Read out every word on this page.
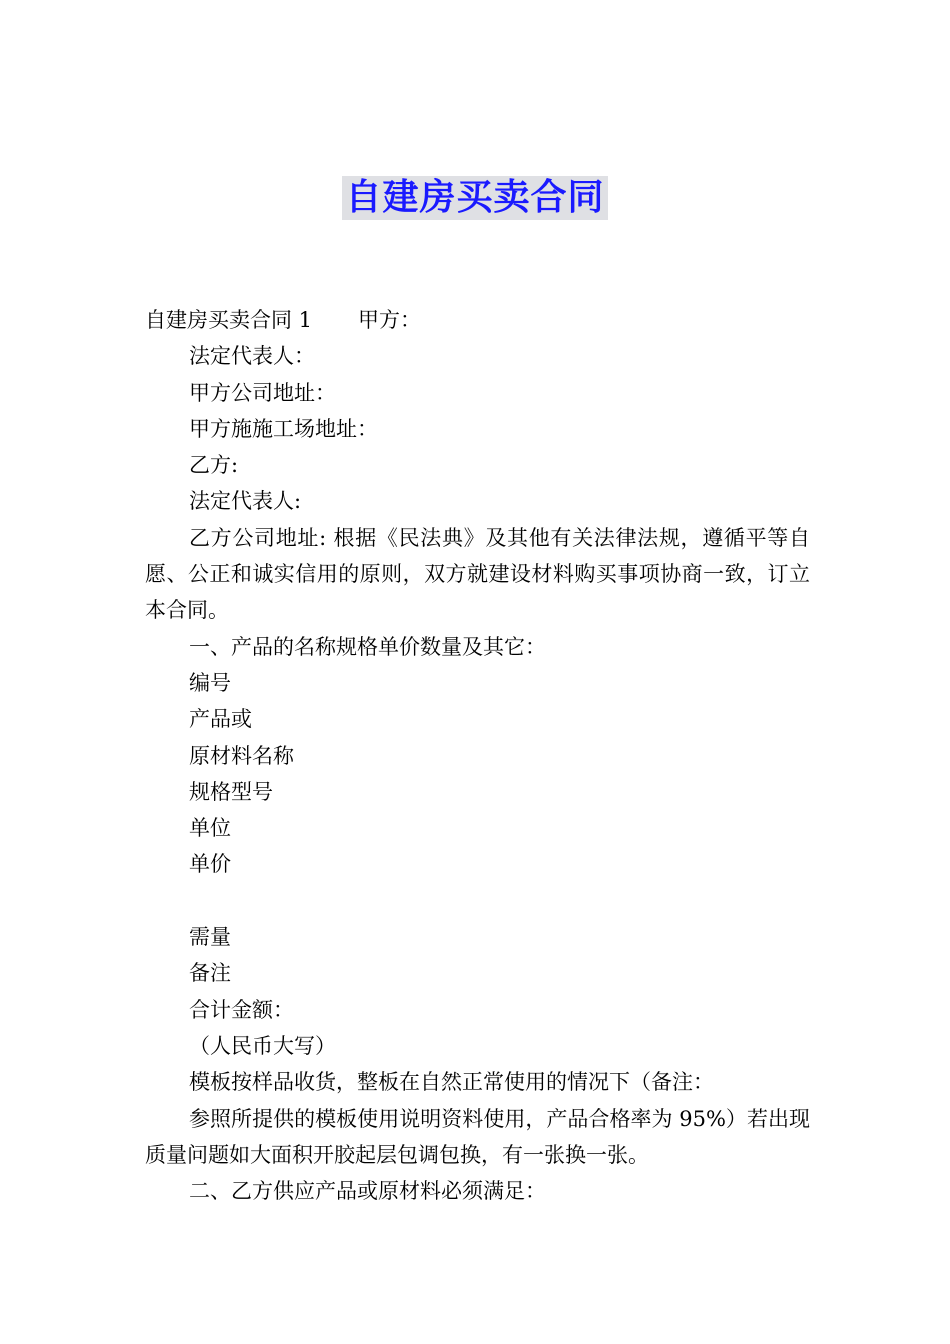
自建房买卖合同
自建房买卖合同 1 甲方：
法定代表人：
甲方公司地址：
甲方施施工场地址：
乙方:
法定代表人:
乙方公司地址: 根据《民法典》及其他有关法律法规，遵循平等自愿、公正和诚实信用的原则，双方就建设材料购买事项协商一致，订立本合同。
一、产品的名称规格单价数量及其它：
编号
产品或
原材料名称
规格型号
单位
单价
需量
备注
合计金额：
（人民币大写）
模板按样品收货，整板在自然正常使用的情况下（备注：
参照所提供的模板使用说明资料使用，产品合格率为 95%）若出现质量问题如大面积开胶起层包调包换，有一张换一张。
二、乙方供应产品或原材料必须满足：
